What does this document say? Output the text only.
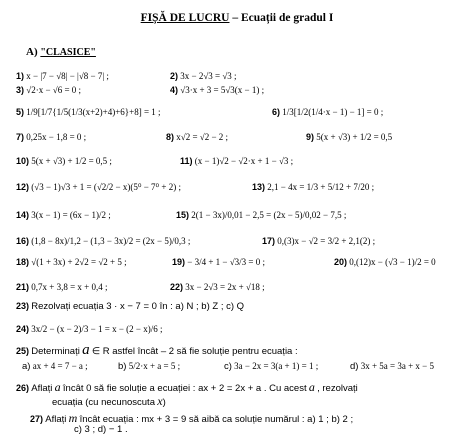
FIȘĂ DE LUCRU – Ecuații de gradul I
A) "CLASICE"
1) x − |7 − √8| − |√8 − 7| ;	2) 3x − 2√3 = √3 ;
3) √2·x − √6 = 0 ;	4) √3·x + 3 = 5√3(x − 1) ;
5) 1/9[1/7{1/5(1/3(x+2)+4)+6}+8] = 1 ;	6) 1/3[1/2(1/4·x − 1) − 1] = 0 ;
7) 0,25x − 1,8 = 0 ;	8) x√2 = √2 − 2 ;	9) 5(x + √3) + 1/2 = 0,5
10) 5(x + √3) + 1/2 = 0,5 ;	11) (x − 1)√2 − √2·x + 1 − √3 ;
12) (√3 − 1)√3 + 1 = (√2/2 − x)(5⁰ − 7⁰ + 2) ;	13) 2,1 − 4x = 1/3 + 5/12 + 7/20 ;
14) 3(x − 1) = (6x − 1)/2 ;	15) 2(1 − 3x)/0,01 − 2,5 = (2x − 5)/0,02 − 7,5 ;
16) (1,8 − 8x)/1,2 − (1,3 − 3x)/2 = (2x − 5)/0,3 ;	17) 0,(3)x − √2 = 3/2 + 2,1(2) ;
18) √(1 + 3x) + 2√2 = √2 + 5 ;	19) − 3/4 + 1 − √3/3 = 0 ;	20) 0,(12)x − (√3 − 1)/2 = 0
21) 0,7x + 3,8 = x + 0,4 ;	22) 3x − 2√3 = 2x + √18 ;
23) Rezolvați ecuația 3 · x − 7 = 0 în : a) N ; b) Z ; c) Q
24) 3x/2 − (x − 2)/3 − 1 = x − (2 − x)/6 ;
25) Determinați a ∈ R astfel încât – 2 să fie soluție pentru ecuația :
a) ax + 4 = 7 − a ;	b) 5/2·x + a = 5 ;	c) 3a − 2x = 3(a + 1) = 1 ;	d) 3x + 5a = 3a + x − 5
26) Aflați a încât 0 să fie soluție a ecuației : ax + 2 = 2x + a . Cu acest a , rezolvați
ecuația (cu necunoscuta x)
27) Aflați m încât ecuația : mx + 3 = 9 să aibă ca soluție numărul : a) 1 ; b) 2 ;
c) 3 ; d) − 1 .
